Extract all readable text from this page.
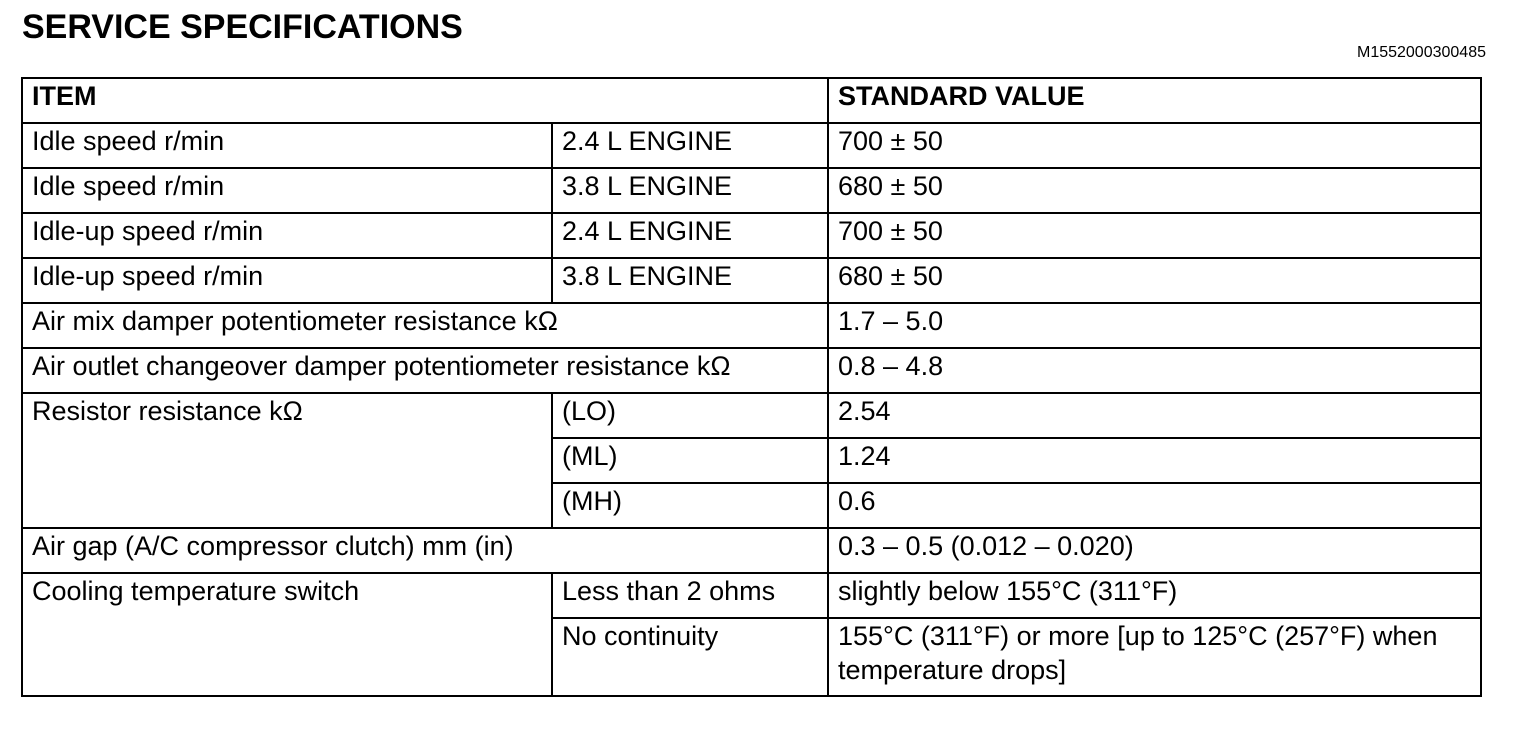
SERVICE SPECIFICATIONS
M1552000300485
ITEM		STANDARD VALUE
Idle speed r/min	2.4 L ENGINE	700 ± 50
Idle speed r/min	3.8 L ENGINE	680 ± 50
Idle-up speed r/min	2.4 L ENGINE	700 ± 50
Idle-up speed r/min	3.8 L ENGINE	680 ± 50
Air mix damper potentiometer resistance kΩ		1.7 – 5.0
Air outlet changeover damper potentiometer resistance kΩ		0.8 – 4.8
Resistor resistance kΩ	(LO)	2.54
	(ML)	1.24
	(MH)	0.6
Air gap (A/C compressor clutch) mm (in)		0.3 – 0.5 (0.012 – 0.020)
Cooling temperature switch	Less than 2 ohms	slightly below 155°C (311°F)
	No continuity	155°C (311°F) or more [up to 125°C (257°F) when temperature drops]
